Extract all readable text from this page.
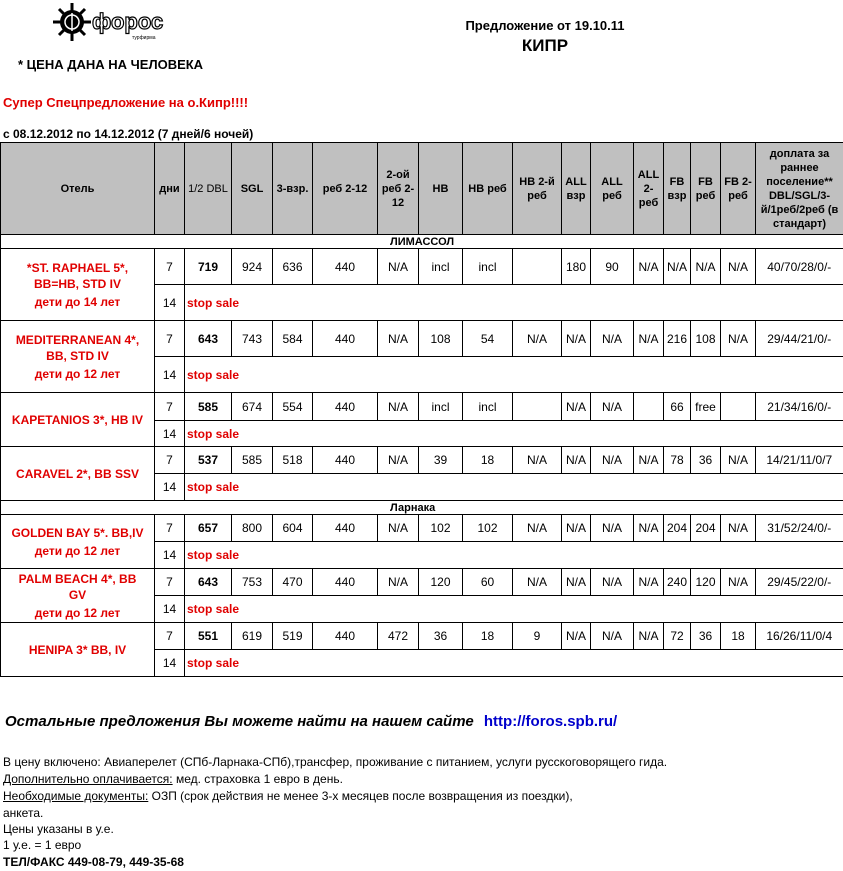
форос
турфирма
Предложение от 19.10.11
КИПР
* ЦЕНА ДАНА НА ЧЕЛОВЕКА
Супер Спецпредложение на о.Кипр!!!!
с 08.12.2012 по 14.12.2012 (7 дней/6 ночей)
Отель	дни	1/2 DBL	SGL	3-взр.	реб 2-12	2-ой реб 2-12	HB	HB реб	HB 2-й реб	ALL взр	ALL реб	ALL 2-реб	FB взр	FB реб	FB 2-реб	доплата за раннее поселение** DBL/SGL/3-й/1реб/2реб (в стандарт)
ЛИМАССОЛ																

*ST. RAPHAEL 5*, BB=HB, STD IV
дети до 14 лет	7	719	924	636	440	N/A	incl	incl		180	90	N/A	N/A	N/A	N/A	40/70/28/0/-
	14	stop sale														

MEDITERRANEAN 4*, BB, STD IV
дети до 12 лет	7	643	743	584	440	N/A	108	54	N/A	N/A	N/A	N/A	216	108	N/A	29/44/21/0/-
	14	stop sale														

KAPETANIOS 3*, HB IV	7	585	674	554	440	N/A	incl	incl		N/A	N/A		66	free		21/34/16/0/-
	14	stop sale														

CARAVEL 2*, BB SSV	7	537	585	518	440	N/A	39	18	N/A	N/A	N/A	N/A	78	36	N/A	14/21/11/0/7
	14	stop sale														
Ларнака																

GOLDEN BAY 5*. BB,IV
дети до 12 лет	7	657	800	604	440	N/A	102	102	N/A	N/A	N/A	N/A	204	204	N/A	31/52/24/0/-
	14	stop sale														

PALM BEACH 4*, BB GV
дети до 12 лет	7	643	753	470	440	N/A	120	60	N/A	N/A	N/A	N/A	240	120	N/A	29/45/22/0/-
	14	stop sale														

HENIPA 3* BB, IV	7	551	619	519	440	472	36	18	9	N/A	N/A	N/A	72	36	18	16/26/11/0/4
	14	stop sale														
Остальные предложения Вы можете найти на нашем сайте http://foros.spb.ru/
В цену включено: Авиаперелет (СПб-Ларнака-СПб),трансфер, проживание с питанием, услуги русскоговорящего гида.
Дополнительно оплачивается: мед. страховка 1 евро в день.
Необходимые документы: ОЗП (срок действия не менее 3-х месяцев после возвращения из поездки),
анкета.
Цены указаны в у.е.
1 у.е. = 1 евро
ТЕЛ/ФАКС 449-08-79, 449-35-68
